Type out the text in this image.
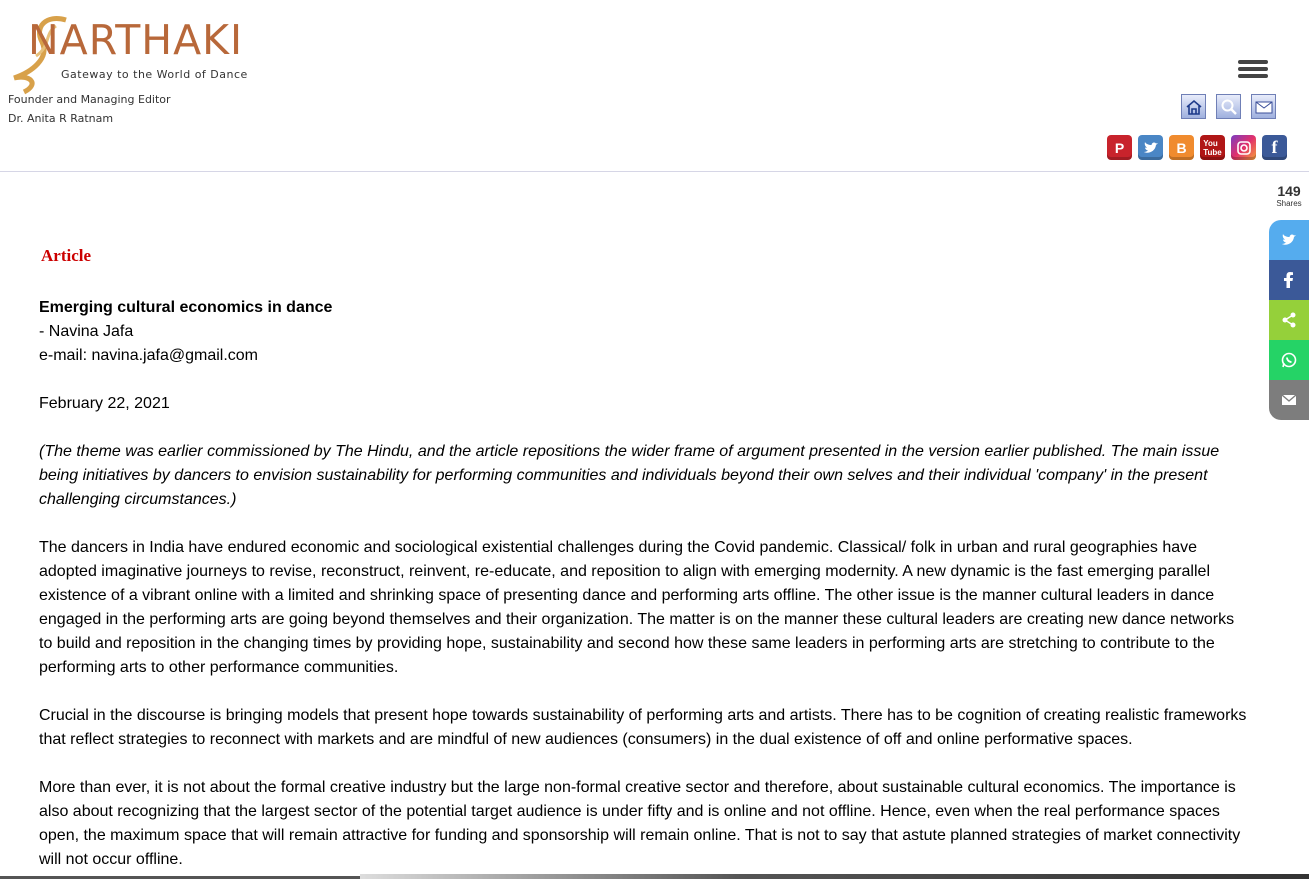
NARTHAKI
Gateway to the World of Dance
Founder and Managing Editor
Dr. Anita R Ratnam
P	B	You
Tube	f
149
Shares
Article

Emerging cultural economics in dance
- Navina Jafa
e-mail: navina.jafa@gmail.com

February 22, 2021

(The theme was earlier commissioned by The Hindu, and the article repositions the wider frame of argument presented in the version earlier published. The main issue being initiatives by dancers to envision sustainability for performing communities and individuals beyond their own selves and their individual 'company' in the present challenging circumstances.)

The dancers in India have endured economic and sociological existential challenges during the Covid pandemic. Classical/ folk in urban and rural geographies have adopted imaginative journeys to revise, reconstruct, reinvent, re-educate, and reposition to align with emerging modernity. A new dynamic is the fast emerging parallel existence of a vibrant online with a limited and shrinking space of presenting dance and performing arts offline. The other issue is the manner cultural leaders in dance engaged in the performing arts are going beyond themselves and their organization. The matter is on the manner these cultural leaders are creating new dance networks to build and reposition in the changing times by providing hope, sustainability and second how these same leaders in performing arts are stretching to contribute to the performing arts to other performance communities.

Crucial in the discourse is bringing models that present hope towards sustainability of performing arts and artists. There has to be cognition of creating realistic frameworks that reflect strategies to reconnect with markets and are mindful of new audiences (consumers) in the dual existence of off and online performative spaces.

More than ever, it is not about the formal creative industry but the large non-formal creative sector and therefore, about sustainable cultural economics. The importance is also about recognizing that the largest sector of the potential target audience is under fifty and is online and not offline. Hence, even when the real performance spaces open, the maximum space that will remain attractive for funding and sponsorship will remain online. That is not to say that astute planned strategies of market connectivity will not occur offline.
